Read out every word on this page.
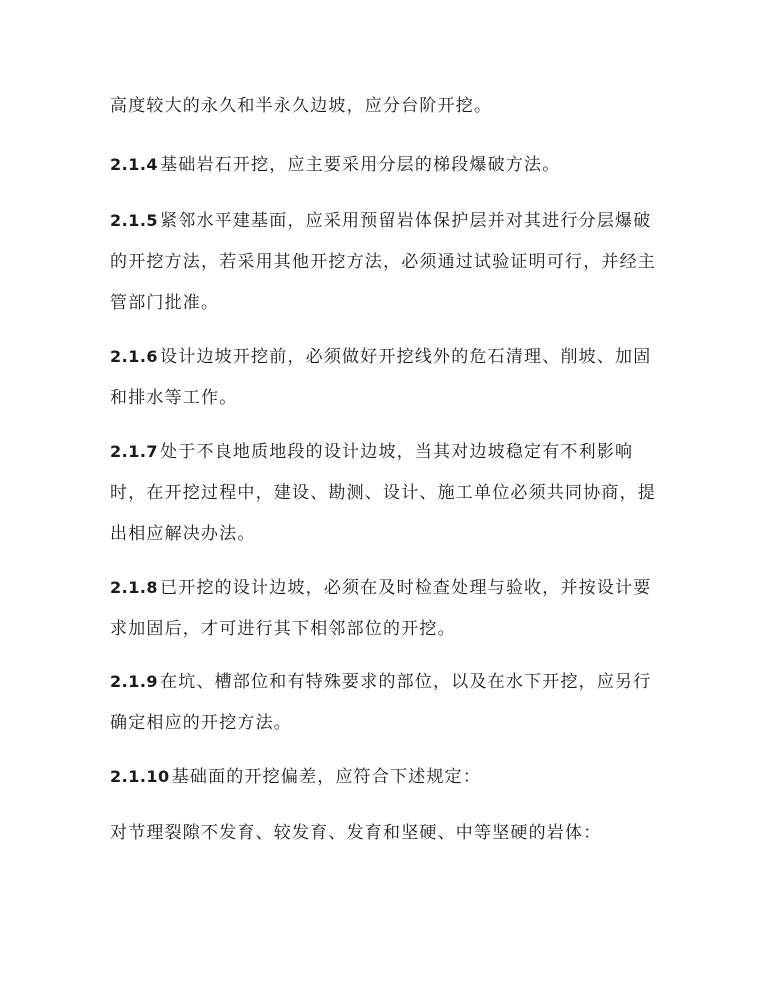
高度较大的永久和半永久边坡，应分台阶开挖。

2.1.4 基础岩石开挖，应主要采用分层的梯段爆破方法。

2.1.5 紧邻水平建基面，应采用预留岩体保护层并对其进行分层爆破的开挖方法，若采用其他开挖方法，必须通过试验证明可行，并经主管部门批准。

2.1.6 设计边坡开挖前，必须做好开挖线外的危石清理、削坡、加固和排水等工作。

2.1.7 处于不良地质地段的设计边坡，当其对边坡稳定有不利影响时，在开挖过程中，建设、勘测、设计、施工单位必须共同协商，提出相应解决办法。

2.1.8 已开挖的设计边坡，必须在及时检查处理与验收，并按设计要求加固后，才可进行其下相邻部位的开挖。

2.1.9 在坑、槽部位和有特殊要求的部位，以及在水下开挖，应另行确定相应的开挖方法。

2.1.10 基础面的开挖偏差，应符合下述规定：

对节理裂隙不发育、较发育、发育和坚硬、中等坚硬的岩体：
